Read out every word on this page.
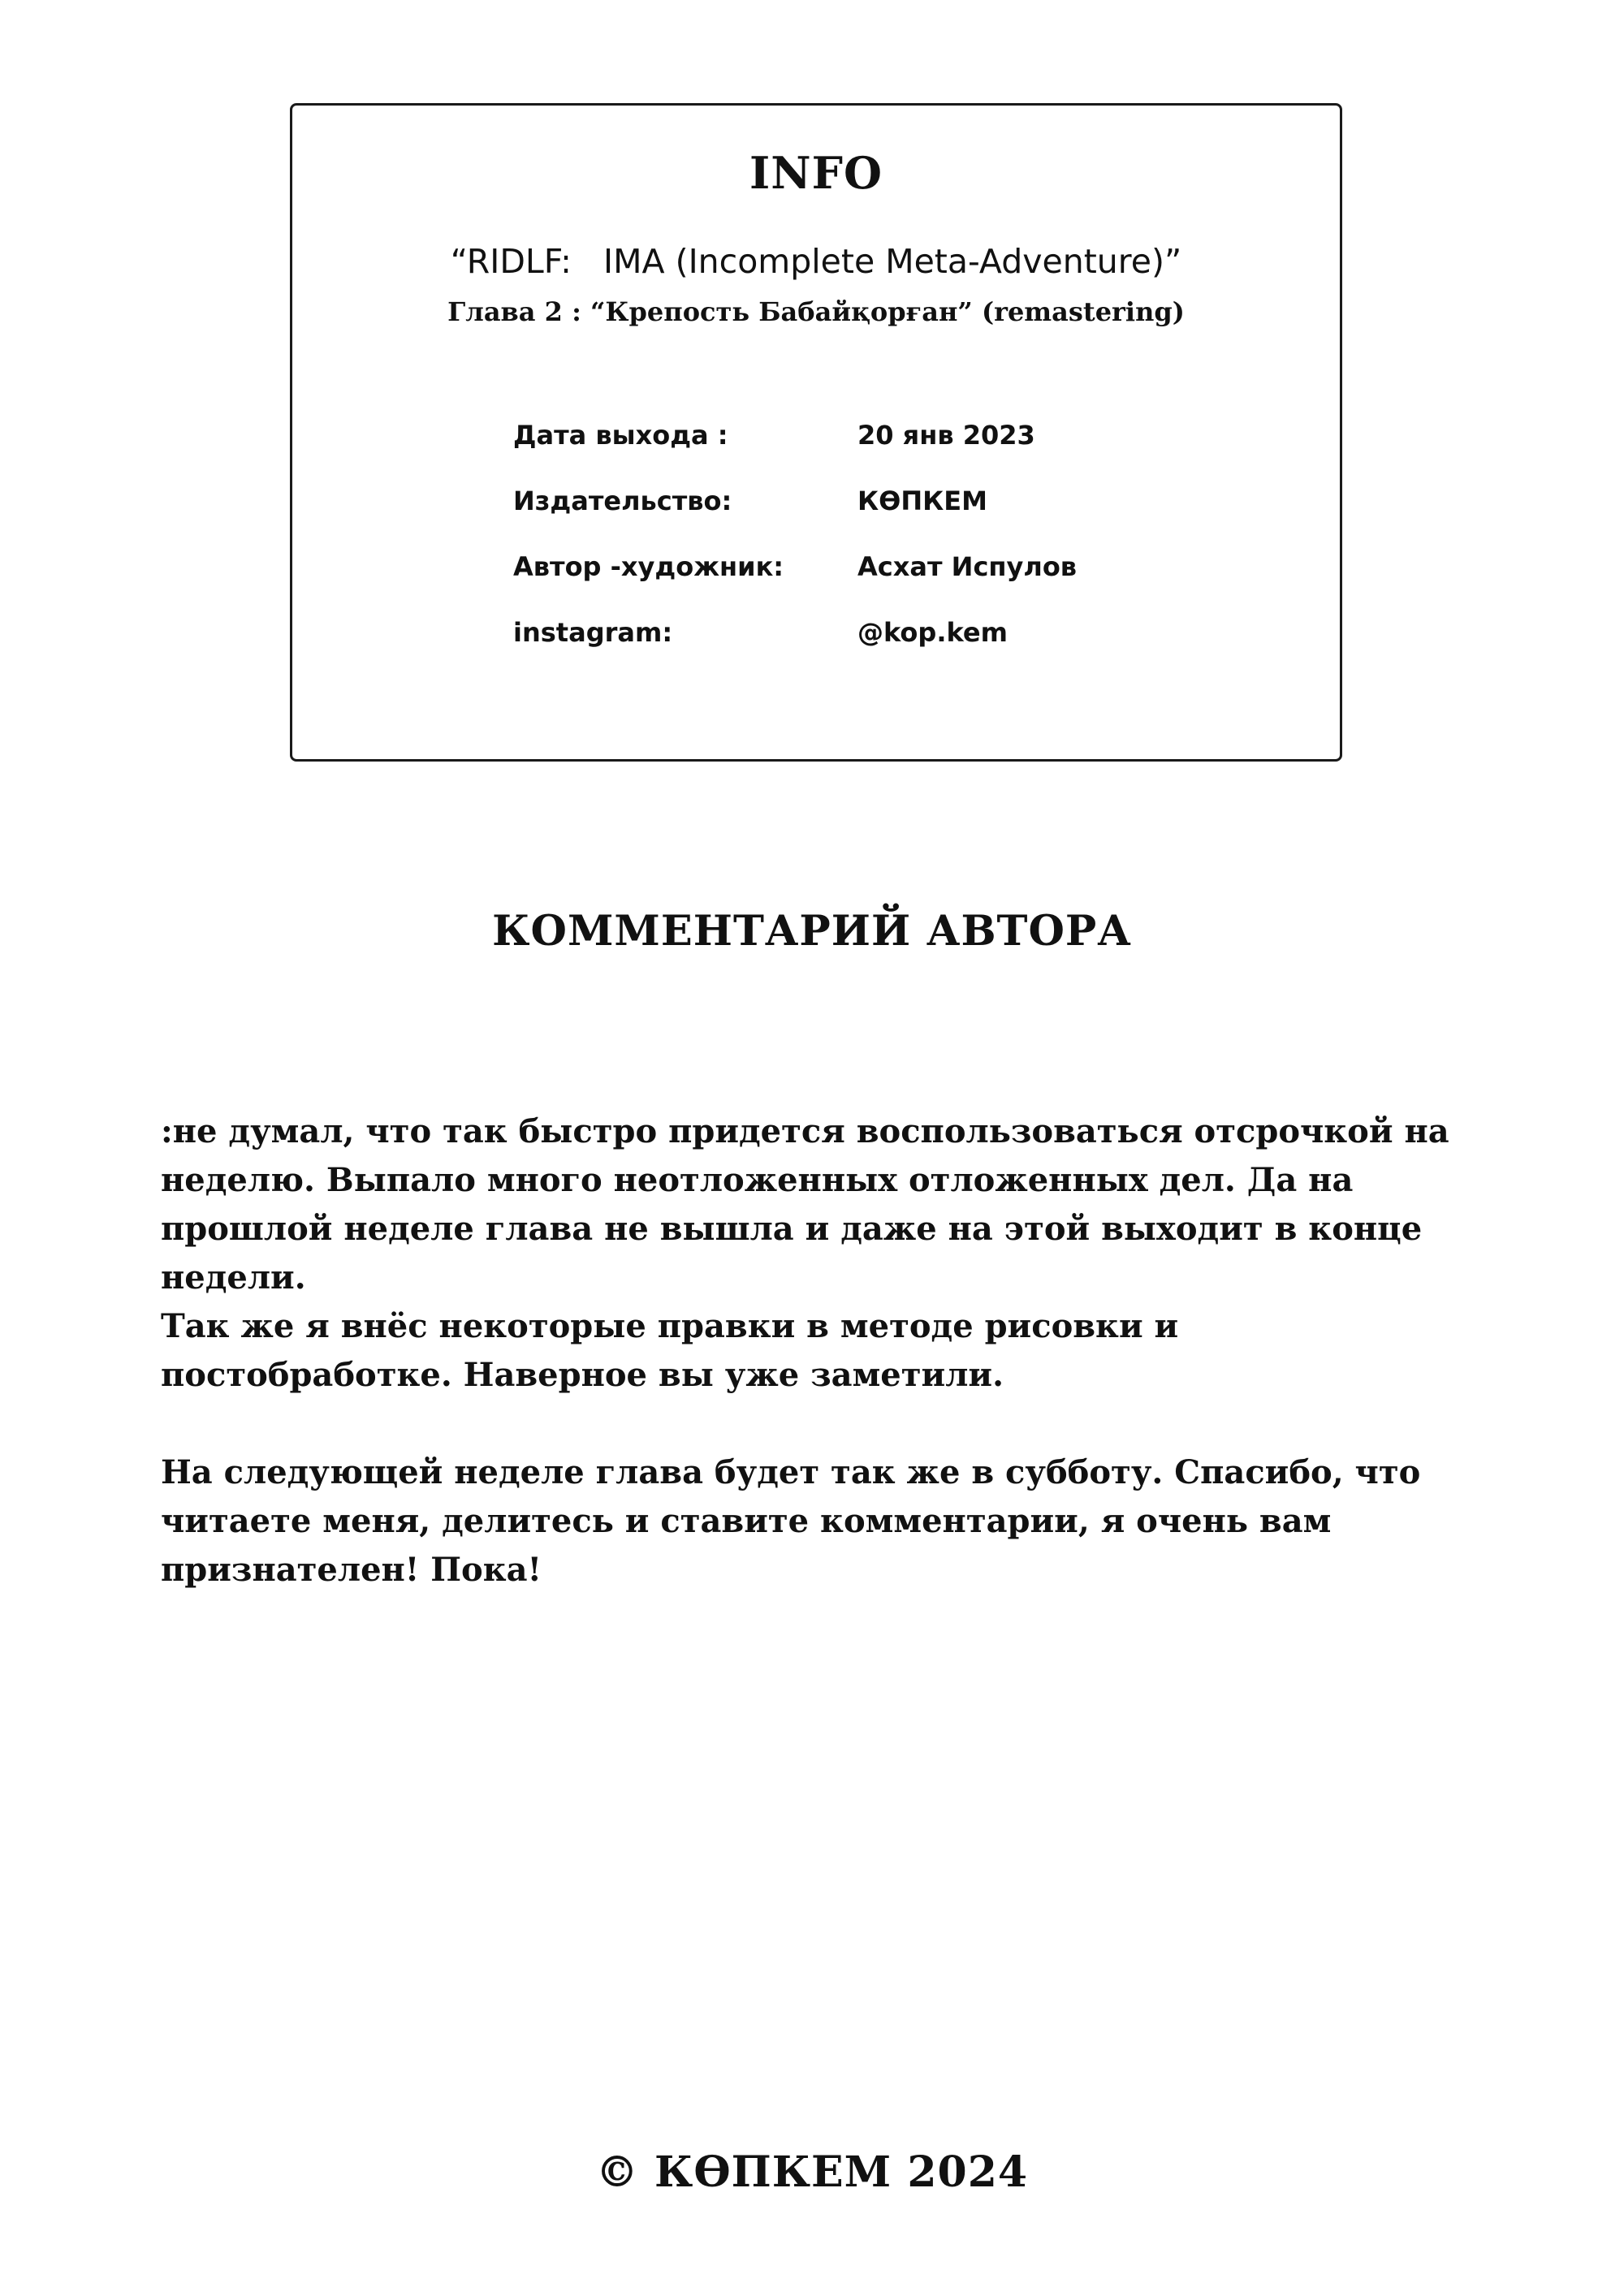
INFO
“RIDLF:   IMA (Incomplete Meta-Adventure)”
Глава 2 : “Крепость Бабайқорған” (remastering)
Дата выхода :	20 янв 2023
Издательство:	КӨПКЕМ
Автор -художник:	Асхат Испулов
instagram:	@kop.kem
КОММЕНТАРИЙ АВТОРА

:не думал, что так быстро придется воспользоваться отсрочкой на
неделю. Выпало много неотложенных отложенных дел. Да на
прошлой неделе глава не вышла и даже на этой выходит в конце
недели.
Так же я внёс некоторые правки в методе рисовки и
постобработке. Наверное вы уже заметили.

На следующей неделе глава будет так же в субботу. Спасибо, что
читаете меня, делитесь и ставите комментарии, я очень вам
признателен! Пока!

© КӨПКЕМ 2024
